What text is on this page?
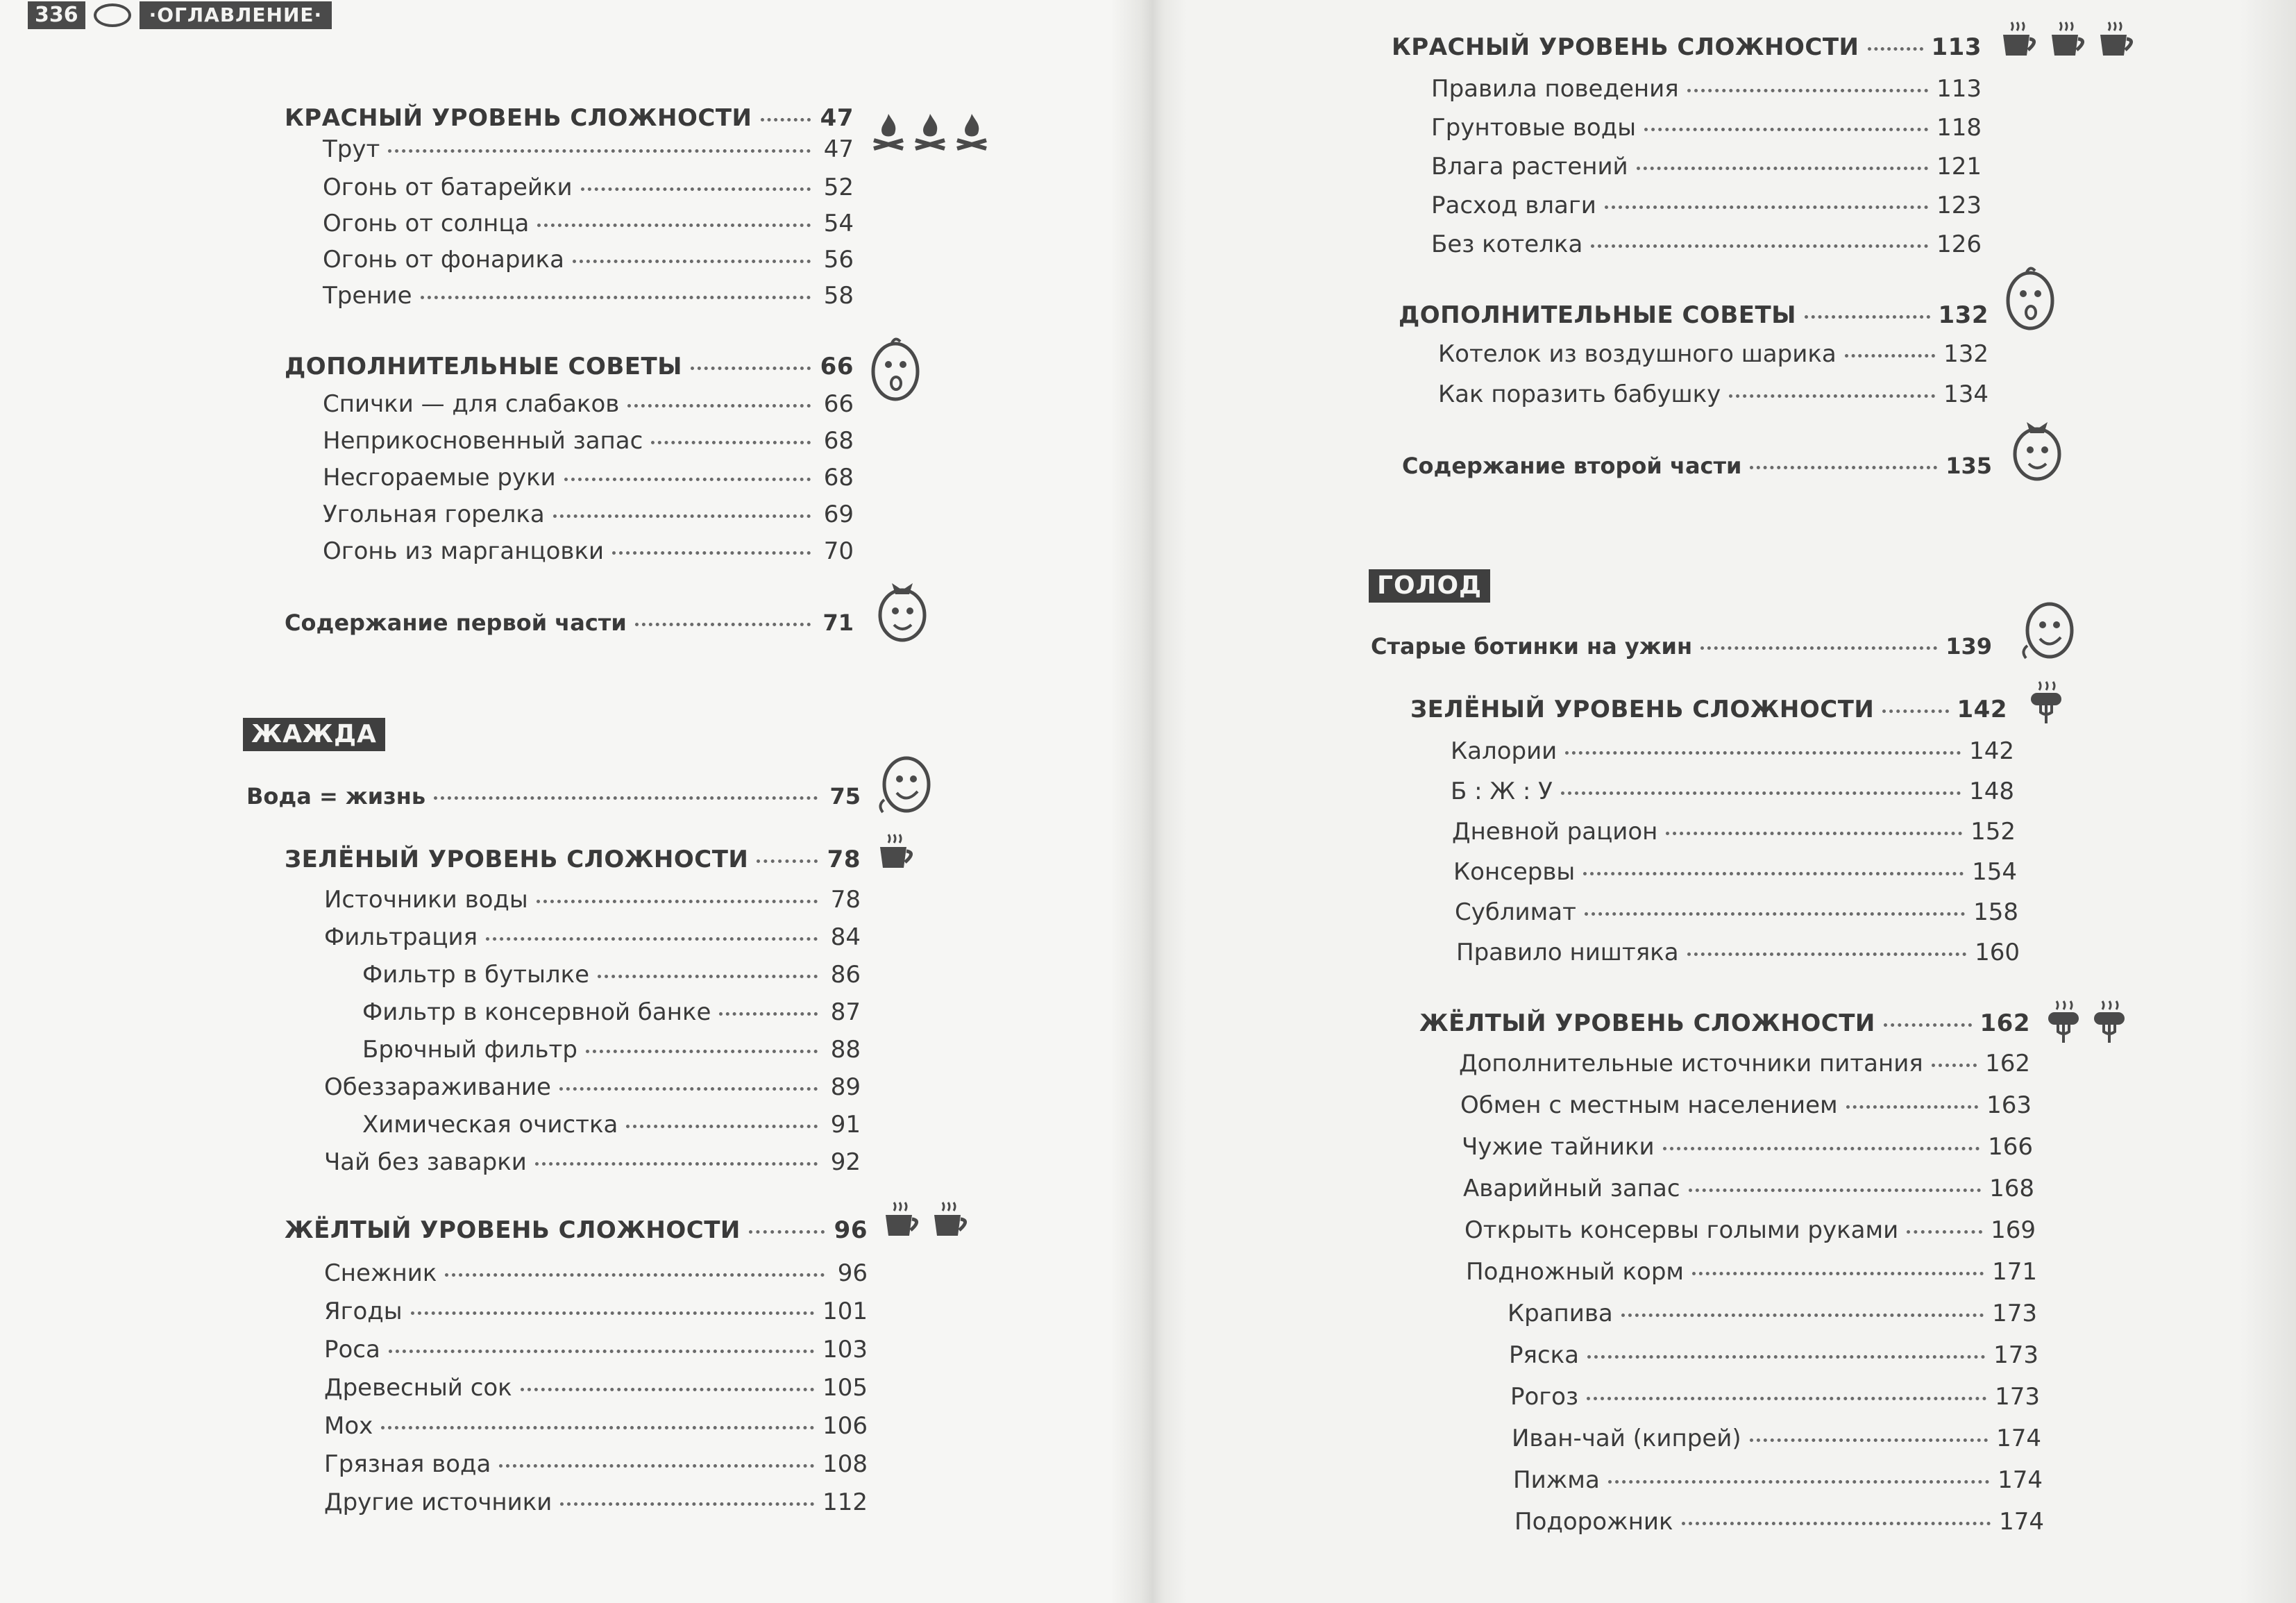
336	·ОГЛАВЛЕНИЕ·
КРАСНЫЙ УРОВЕНЬ СЛОЖНОСТИ	47
Трут	47
Огонь от батарейки	52
Огонь от солнца	54
Огонь от фонарика	56
Трение	58
ДОПОЛНИТЕЛЬНЫЕ СОВЕТЫ	66
Спички — для слабаков	66
Неприкосновенный запас	68
Несгораемые руки	68
Угольная горелка	69
Огонь из марганцовки	70
Содержание первой части	71
ЖАЖДА
Вода = жизнь	75
ЗЕЛЁНЫЙ УРОВЕНЬ СЛОЖНОСТИ	78
Источники воды	78
Фильтрация	84
Фильтр в бутылке	86
Фильтр в консервной банке	87
Брючный фильтр	88
Обеззараживание	89
Химическая очистка	91
Чай без заварки	92
ЖЁЛТЫЙ УРОВЕНЬ СЛОЖНОСТИ	96
Снежник	96
Ягоды	101
Роса	103
Древесный сок	105
Мох	106
Грязная вода	108
Другие источники	112
КРАСНЫЙ УРОВЕНЬ СЛОЖНОСТИ	113
Правила поведения	113
Грунтовые воды	118
Влага растений	121
Расход влаги	123
Без котелка	126
ДОПОЛНИТЕЛЬНЫЕ СОВЕТЫ	132
Котелок из воздушного шарика	132
Как поразить бабушку	134
Содержание второй части	135
ГОЛОД
Старые ботинки на ужин	139
ЗЕЛЁНЫЙ УРОВЕНЬ СЛОЖНОСТИ	142
Калории	142
Б : Ж : У	148
Дневной рацион	152
Консервы	154
Сублимат	158
Правило ништяка	160
ЖЁЛТЫЙ УРОВЕНЬ СЛОЖНОСТИ	162
Дополнительные источники питания	162
Обмен с местным населением	163
Чужие тайники	166
Аварийный запас	168
Открыть консервы голыми руками	169
Подножный корм	171
Крапива	173
Ряска	173
Рогоз	173
Иван-чай (кипрей)	174
Пижма	174
Подорожник	174
